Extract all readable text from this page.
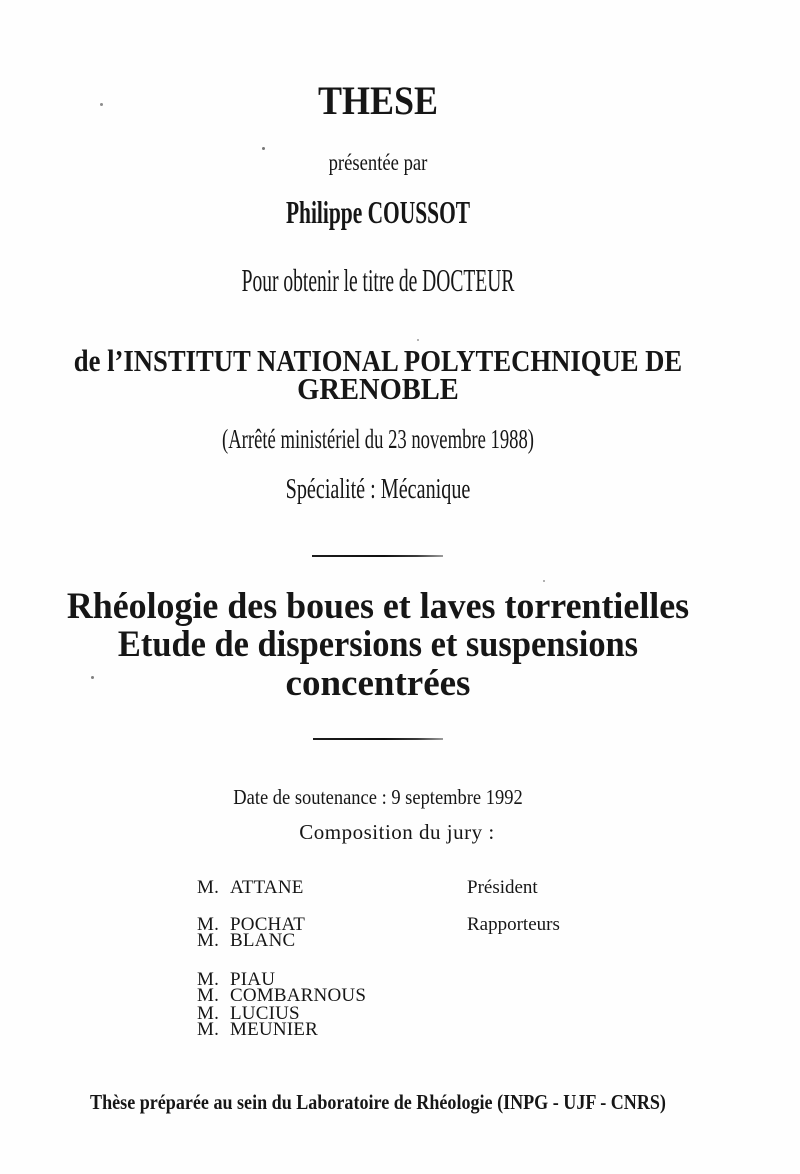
THESE
présentée par
Philippe COUSSOT
Pour obtenir le titre de DOCTEUR
de l’INSTITUT NATIONAL POLYTECHNIQUE DE
GRENOBLE
(Arrêté ministériel du 23 novembre 1988)
Spécialité : Mécanique
Rhéologie des boues et laves torrentielles
Etude de dispersions et suspensions
concentrées
Date de soutenance : 9 septembre 1992
Composition du jury :
Thèse préparée au sein du Laboratoire de Rhéologie (INPG - UJF - CNRS)
M. ATTANE
M. POCHAT
M. BLANC
M. PIAU
M. COMBARNOUS
M. LUCIUS
M. MEUNIER
Président
Rapporteurs
